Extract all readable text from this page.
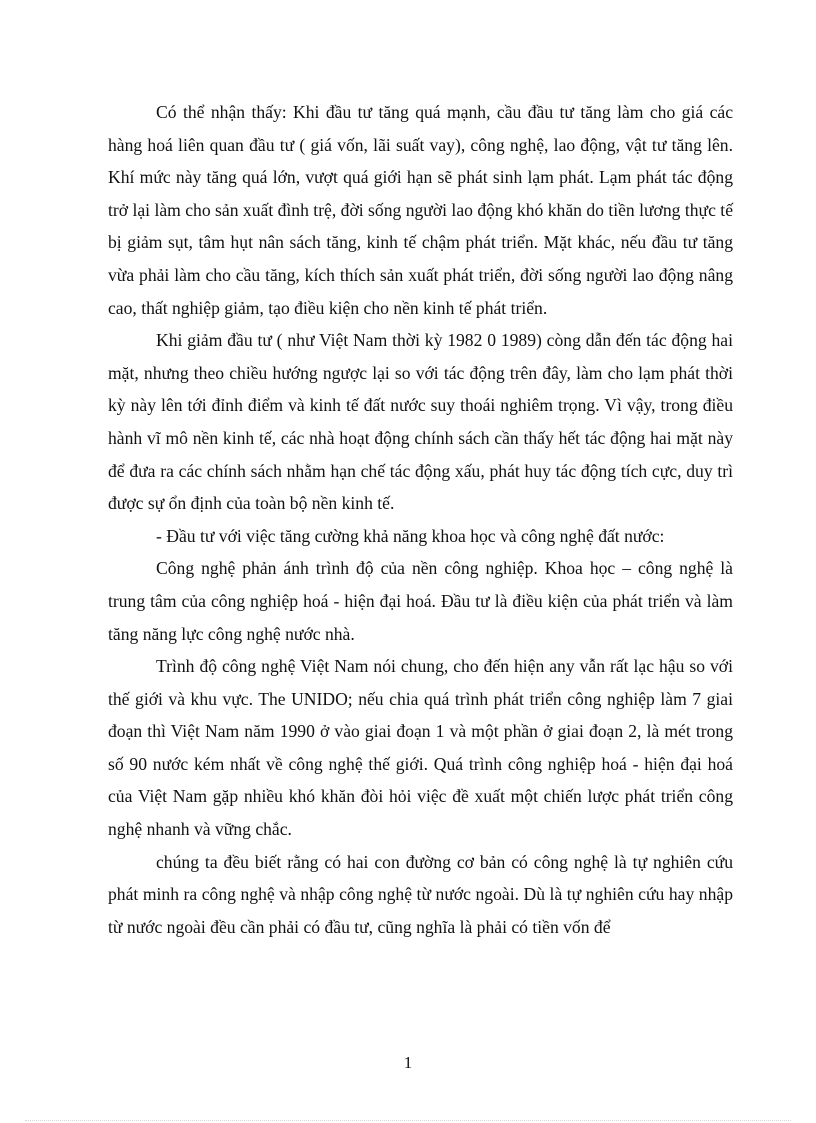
Có thể nhận thấy: Khi đầu tư tăng quá mạnh, cầu đầu tư tăng làm cho giá các hàng hoá liên quan đầu tư ( giá vốn, lãi suất vay), công nghệ, lao động, vật tư tăng lên. Khí mức này tăng quá lớn, vượt quá giới hạn sẽ phát sinh lạm phát. Lạm phát tác động trở lại làm cho sản xuất đình trệ, đời sống người lao động khó khăn do tiền lương thực tế bị giảm sụt, tâm hụt nân sách tăng, kinh tế chậm phát triển. Mặt khác, nếu đầu tư tăng vừa phải làm cho cầu tăng, kích thích sản xuất phát triển, đời sống người lao động nâng cao, thất nghiệp giảm, tạo điều kiện cho nền kinh tế phát triển.

Khi giảm đầu tư ( như Việt Nam thời kỳ 1982 0 1989) còng dẫn đến tác động hai mặt, nhưng theo chiều hướng ngược lại so với tác động trên đây, làm cho lạm phát thời kỳ này lên tới đỉnh điểm và kinh tế đất nước suy thoái nghiêm trọng. Vì vậy, trong điều hành vĩ mô nền kinh tế, các nhà hoạt động chính sách cần thấy hết tác động hai mặt này để đưa ra các chính sách nhằm hạn chế tác động xấu, phát huy tác động tích cực, duy trì được sự ổn định của toàn bộ nền kinh tế.

- Đầu tư với việc tăng cường khả năng khoa học và công nghệ đất nước:

Công nghệ phản ánh trình độ của nền công nghiệp. Khoa học – công nghệ là trung tâm của công nghiệp hoá - hiện đại hoá. Đầu tư là điều kiện của phát triển và làm tăng năng lực công nghệ nước nhà.

Trình độ công nghệ Việt Nam nói chung, cho đến hiện any vẫn rất lạc hậu so với thế giới và khu vực. The UNIDO; nếu chia quá trình phát triển công nghiệp làm 7 giai đoạn thì Việt Nam năm 1990 ở vào giai đoạn 1 và một phần ở giai đoạn 2, là mét trong số 90 nước kém nhất về công nghệ thế giới. Quá trình công nghiệp hoá - hiện đại hoá của Việt Nam gặp nhiều khó khăn đòi hỏi việc đề xuất một chiến lược phát triển công nghệ nhanh và vững chắc.

chúng ta đều biết rằng có hai con đường cơ bản có công nghệ là tự nghiên cứu phát minh ra công nghệ và nhập công nghệ từ nước ngoài. Dù là tự nghiên cứu hay nhập từ nước ngoài đều cần phải có đầu tư, cũng nghĩa là phải có tiền vốn để

1
